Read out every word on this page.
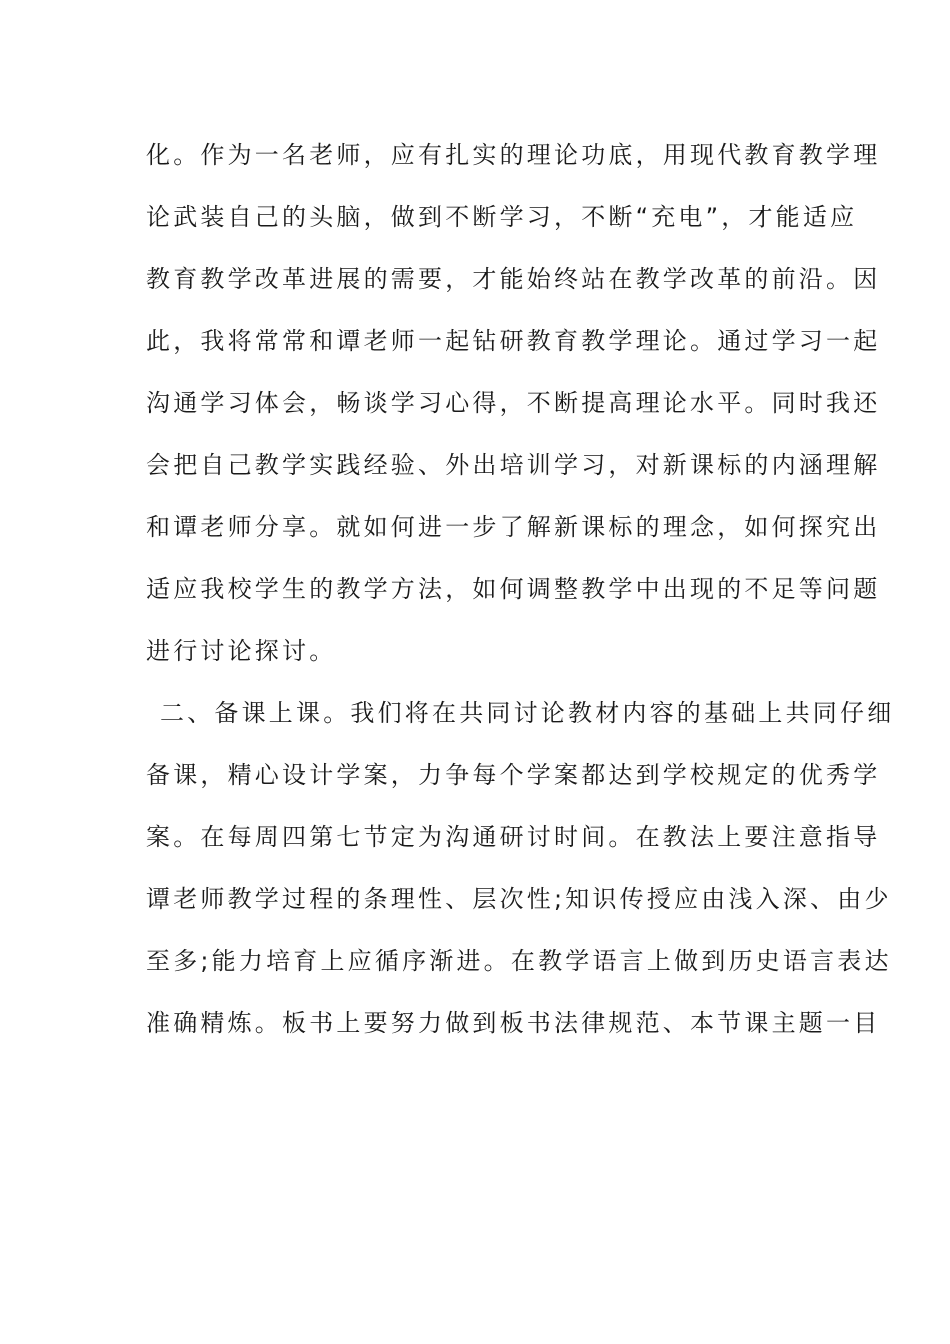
化。作为一名老师，应有扎实的理论功底，用现代教育教学理
论武装自己的头脑，做到不断学习，不断“充电”，才能适应
教育教学改革进展的需要，才能始终站在教学改革的前沿。因
此，我将常常和谭老师一起钻研教育教学理论。通过学习一起
沟通学习体会，畅谈学习心得，不断提高理论水平。同时我还
会把自己教学实践经验、外出培训学习，对新课标的内涵理解
和谭老师分享。就如何进一步了解新课标的理念，如何探究出
适应我校学生的教学方法，如何调整教学中出现的不足等问题
进行讨论探讨。
二、备课上课。我们将在共同讨论教材内容的基础上共同仔细
备课，精心设计学案，力争每个学案都达到学校规定的优秀学
案。在每周四第七节定为沟通研讨时间。在教法上要注意指导
谭老师教学过程的条理性、层次性;知识传授应由浅入深、由少
至多;能力培育上应循序渐进。在教学语言上做到历史语言表达
准确精炼。板书上要努力做到板书法律规范、本节课主题一目
